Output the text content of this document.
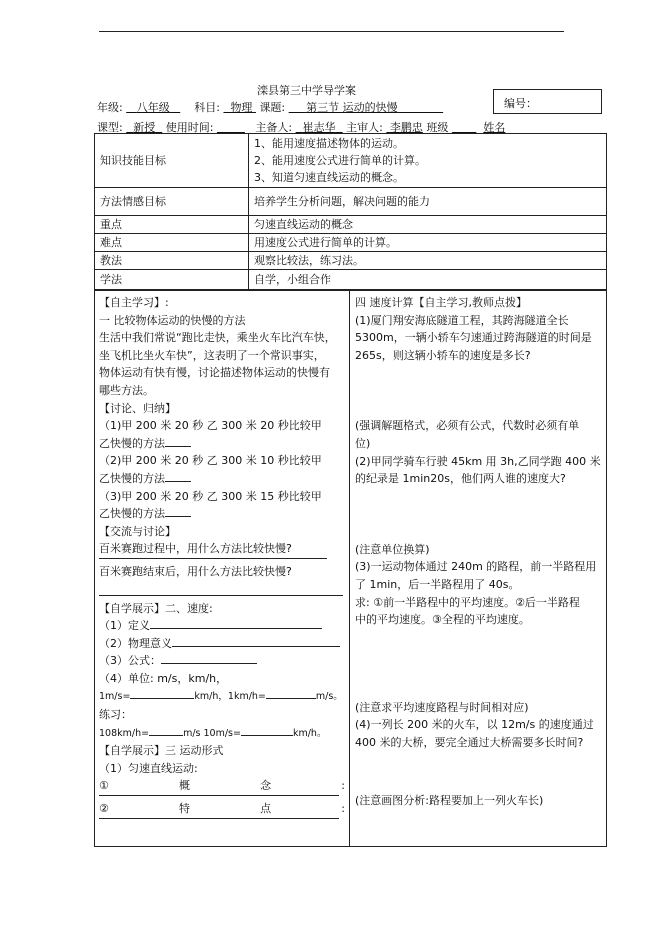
滦县第三中学导学案
编号：
年级: 八年级 科目: 物理 课题: 第三节 运动的快慢
课型: 新授 使用时间:	主备人: 崔志华 主审人: 李鹏忠 班级	姓名
知识技能目标	1、能用速度描述物体的运动。
2、能用速度公式进行简单的计算。
3、知道匀速直线运动的概念。

方法情感目标	培养学生分析问题，解决问题的能力
重点	匀速直线运动的概念
难点	用速度公式进行简单的计算。
教法	观察比较法，练习法。
学法	自学，小组合作
【自主学习】:
一 比较物体运动的快慢的方法
生活中我们常说“跑比走快，乘坐火车比汽车快，
坐飞机比坐火车快”，这表明了一个常识事实，
物体运动有快有慢，讨论描述物体运动的快慢有
哪些方法。
【讨论、归纳】
（1)甲 200 米 20 秒 乙 300 米 20 秒比较甲
乙快慢的方法
（2)甲 200 米 20 秒 乙 300 米 10 秒比较甲
乙快慢的方法
（3)甲 200 米 20 秒 乙 300 米 15 秒比较甲
乙快慢的方法
【交流与讨论】
百米赛跑过程中，用什么方法比较快慢?
百米赛跑结束后，用什么方法比较快慢?
【自学展示】二、速度:
（1）定义
（2）物理意义
（3）公式：
（4）单位: m/s，km/h，
1m/s=	km/h，1km/h=	m/s。
练习：
108km/h=	m/s 10m/s=	km/h。
【自学展示】三 运动形式
（1）匀速直线运动:
①	概	念	:
②	特	点	:
四 速度计算【自主学习,教师点拨】
(1)厦门翔安海底隧道工程，其跨海隧道全长
5300m，一辆小轿车匀速通过跨海隧道的时间是
265s，则这辆小轿车的速度是多长?
(强调解题格式，必须有公式，代数时必须有单
位)
(2)甲同学骑车行驶 45km 用 3h,乙同学跑 400 米
的纪录是 1min20s，他们两人谁的速度大?
(注意单位换算)
(3)一运动物体通过 240m 的路程，前一半路程用
了 1min，后一半路程用了 40s。
求: ①前一半路程中的平均速度。②后一半路程
中的平均速度。③全程的平均速度。
(注意求平均速度路程与时间相对应)
(4)一列长 200 米的火车，以 12m/s 的速度通过
400 米的大桥，要完全通过大桥需要多长时间?
(注意画图分析:路程要加上一列火车长)
